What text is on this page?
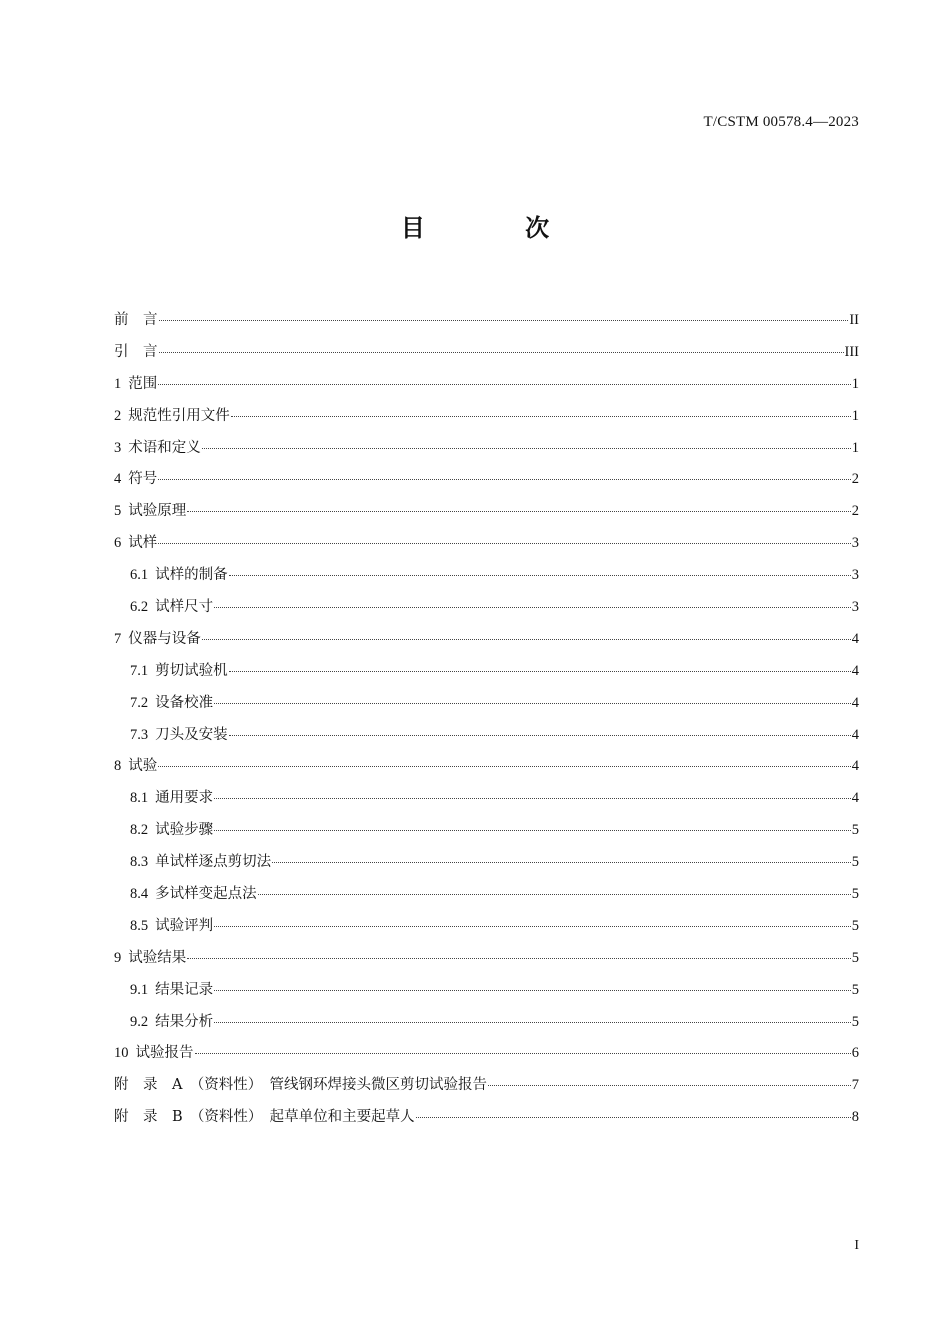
T/CSTM 00578.4—2023
目 次
前　言	II
引　言	III
1 范围	1
2 规范性引用文件	1
3 术语和定义	1
4 符号	2
5 试验原理	2
6 试样	3
6.1 试样的制备	3
6.2 试样尺寸	3
7 仪器与设备	4
7.1 剪切试验机	4
7.2 设备校准	4
7.3 刀头及安装	4
8 试验	4
8.1 通用要求	4
8.2 试验步骤	5
8.3 单试样逐点剪切法	5
8.4 多试样变起点法	5
8.5 试验评判	5
9 试验结果	5
9.1 结果记录	5
9.2 结果分析	5
10 试验报告	6
附　录　A　（资料性）　管线钢环焊接头微区剪切试验报告	7
附　录　B　（资料性）　起草单位和主要起草人	8
I
